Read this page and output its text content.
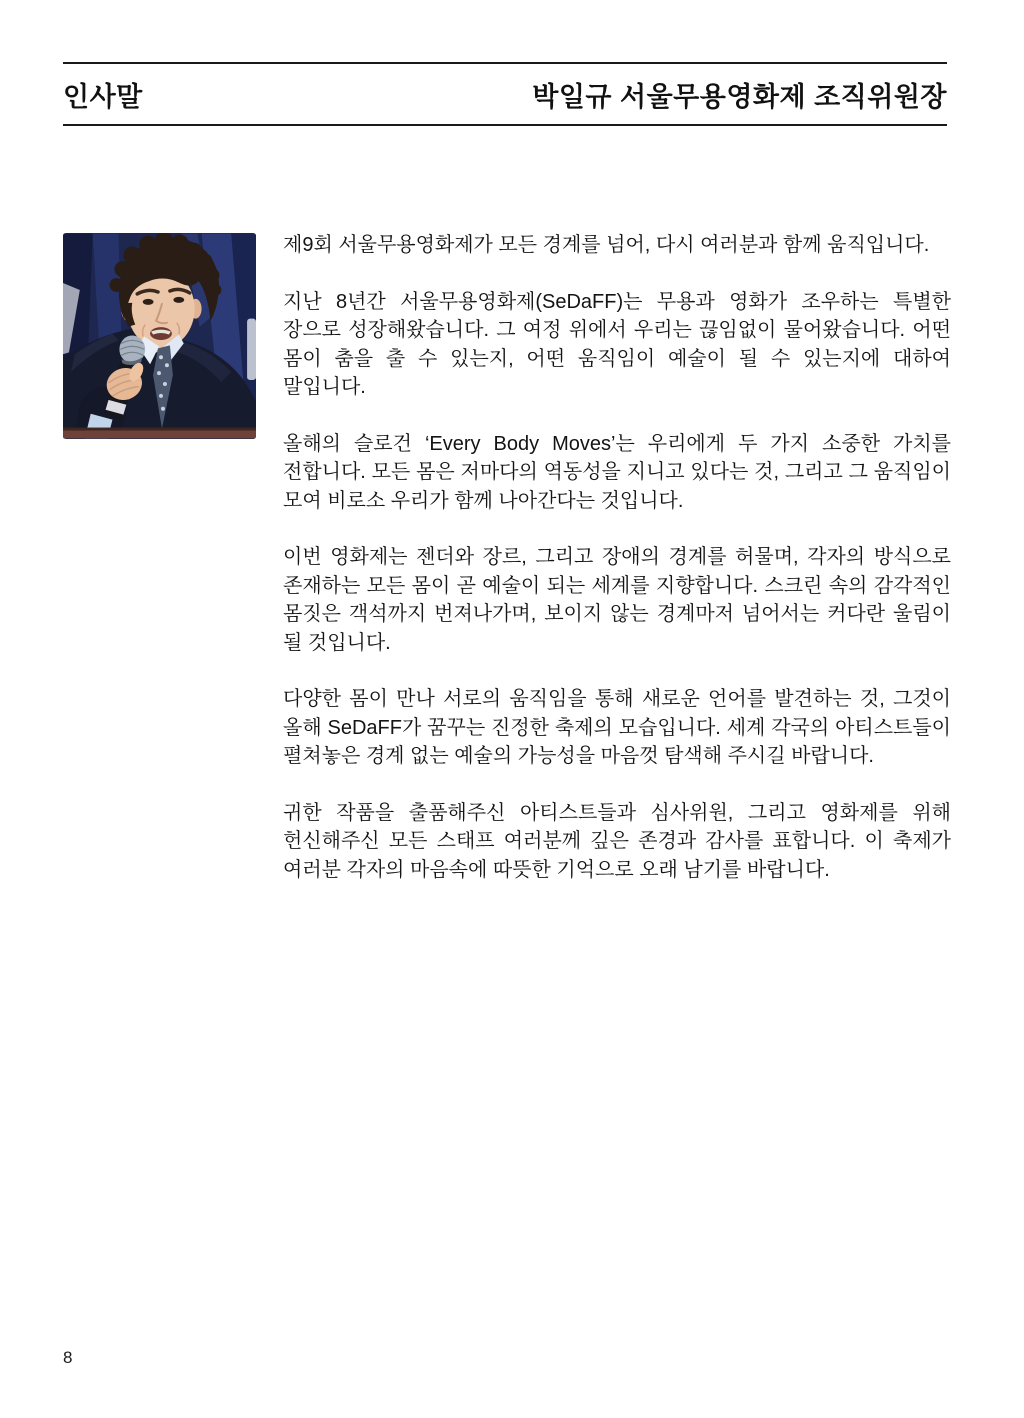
인사말	박일규 서울무용영화제 조직위원장

제9회 서울무용영화제가 모든 경계를 넘어, 다시 여러분과 함께 움직입니다.

지난 8년간 서울무용영화제(SeDaFF)는 무용과 영화가 조우하는 특별한 장으로 성장해왔습니다. 그 여정 위에서 우리는 끊임없이 물어왔습니다. 어떤 몸이 춤을 출 수 있는지, 어떤 움직임이 예술이 될 수 있는지에 대하여 말입니다.

올해의 슬로건 ‘Every Body Moves’는 우리에게 두 가지 소중한 가치를 전합니다. 모든 몸은 저마다의 역동성을 지니고 있다는 것, 그리고 그 움직임이 모여 비로소 우리가 함께 나아간다는 것입니다.

이번 영화제는 젠더와 장르, 그리고 장애의 경계를 허물며, 각자의 방식으로 존재하는 모든 몸이 곧 예술이 되는 세계를 지향합니다. 스크린 속의 감각적인 몸짓은 객석까지 번져나가며, 보이지 않는 경계마저 넘어서는 커다란 울림이 될 것입니다.

다양한 몸이 만나 서로의 움직임을 통해 새로운 언어를 발견하는 것, 그것이 올해 SeDaFF가 꿈꾸는 진정한 축제의 모습입니다. 세계 각국의 아티스트들이 펼쳐놓은 경계 없는 예술의 가능성을 마음껏 탐색해 주시길 바랍니다.

귀한 작품을 출품해주신 아티스트들과 심사위원, 그리고 영화제를 위해 헌신해주신 모든 스태프 여러분께 깊은 존경과 감사를 표합니다. 이 축제가 여러분 각자의 마음속에 따뜻한 기억으로 오래 남기를 바랍니다.

8
